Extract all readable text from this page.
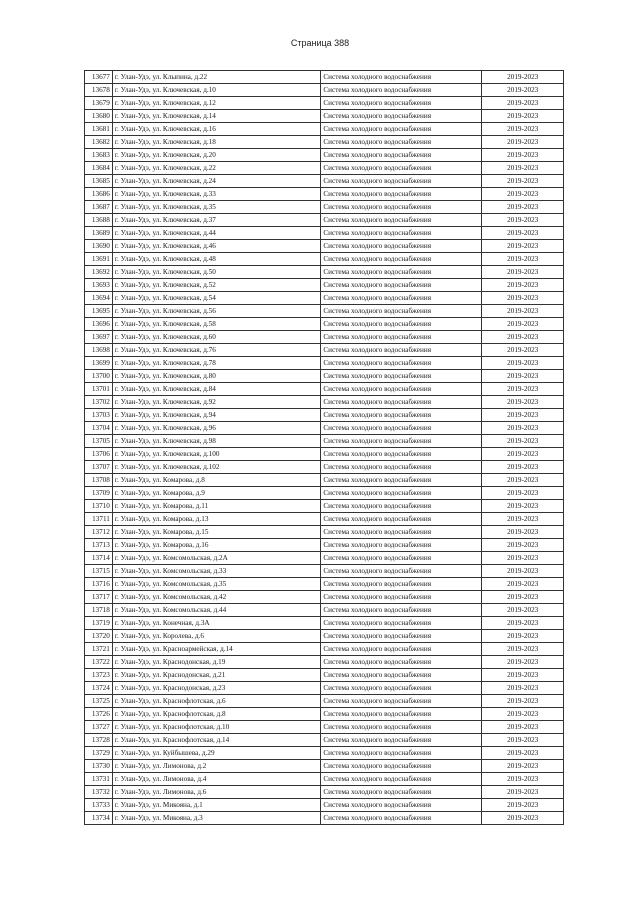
Страница 388
13677	г. Улан-Удэ, ул. Клыпина, д.22	Система холодного водоснабжения	2019-2023
13678	г. Улан-Удэ, ул. Ключевская, д.10	Система холодного водоснабжения	2019-2023
13679	г. Улан-Удэ, ул. Ключевская, д.12	Система холодного водоснабжения	2019-2023
13680	г. Улан-Удэ, ул. Ключевская, д.14	Система холодного водоснабжения	2019-2023
13681	г. Улан-Удэ, ул. Ключевская, д.16	Система холодного водоснабжения	2019-2023
13682	г. Улан-Удэ, ул. Ключевская, д.18	Система холодного водоснабжения	2019-2023
13683	г. Улан-Удэ, ул. Ключевская, д.20	Система холодного водоснабжения	2019-2023
13684	г. Улан-Удэ, ул. Ключевская, д.22	Система холодного водоснабжения	2019-2023
13685	г. Улан-Удэ, ул. Ключевская, д.24	Система холодного водоснабжения	2019-2023
13686	г. Улан-Удэ, ул. Ключевская, д.33	Система холодного водоснабжения	2019-2023
13687	г. Улан-Удэ, ул. Ключевская, д.35	Система холодного водоснабжения	2019-2023
13688	г. Улан-Удэ, ул. Ключевская, д.37	Система холодного водоснабжения	2019-2023
13689	г. Улан-Удэ, ул. Ключевская, д.44	Система холодного водоснабжения	2019-2023
13690	г. Улан-Удэ, ул. Ключевская, д.46	Система холодного водоснабжения	2019-2023
13691	г. Улан-Удэ, ул. Ключевская, д.48	Система холодного водоснабжения	2019-2023
13692	г. Улан-Удэ, ул. Ключевская, д.50	Система холодного водоснабжения	2019-2023
13693	г. Улан-Удэ, ул. Ключевская, д.52	Система холодного водоснабжения	2019-2023
13694	г. Улан-Удэ, ул. Ключевская, д.54	Система холодного водоснабжения	2019-2023
13695	г. Улан-Удэ, ул. Ключевская, д.56	Система холодного водоснабжения	2019-2023
13696	г. Улан-Удэ, ул. Ключевская, д.58	Система холодного водоснабжения	2019-2023
13697	г. Улан-Удэ, ул. Ключевская, д.60	Система холодного водоснабжения	2019-2023
13698	г. Улан-Удэ, ул. Ключевская, д.76	Система холодного водоснабжения	2019-2023
13699	г. Улан-Удэ, ул. Ключевская, д.78	Система холодного водоснабжения	2019-2023
13700	г. Улан-Удэ, ул. Ключевская, д.80	Система холодного водоснабжения	2019-2023
13701	г. Улан-Удэ, ул. Ключевская, д.84	Система холодного водоснабжения	2019-2023
13702	г. Улан-Удэ, ул. Ключевская, д.92	Система холодного водоснабжения	2019-2023
13703	г. Улан-Удэ, ул. Ключевская, д.94	Система холодного водоснабжения	2019-2023
13704	г. Улан-Удэ, ул. Ключевская, д.96	Система холодного водоснабжения	2019-2023
13705	г. Улан-Удэ, ул. Ключевская, д.98	Система холодного водоснабжения	2019-2023
13706	г. Улан-Удэ, ул. Ключевская, д.100	Система холодного водоснабжения	2019-2023
13707	г. Улан-Удэ, ул. Ключевская, д.102	Система холодного водоснабжения	2019-2023
13708	г. Улан-Удэ, ул. Комарова, д.8	Система холодного водоснабжения	2019-2023
13709	г. Улан-Удэ, ул. Комарова, д.9	Система холодного водоснабжения	2019-2023
13710	г. Улан-Удэ, ул. Комарова, д.11	Система холодного водоснабжения	2019-2023
13711	г. Улан-Удэ, ул. Комарова, д.13	Система холодного водоснабжения	2019-2023
13712	г. Улан-Удэ, ул. Комарова, д.15	Система холодного водоснабжения	2019-2023
13713	г. Улан-Удэ, ул. Комарова, д.16	Система холодного водоснабжения	2019-2023
13714	г. Улан-Удэ, ул. Комсомольская, д.2А	Система холодного водоснабжения	2019-2023
13715	г. Улан-Удэ, ул. Комсомольская, д.33	Система холодного водоснабжения	2019-2023
13716	г. Улан-Удэ, ул. Комсомольская, д.35	Система холодного водоснабжения	2019-2023
13717	г. Улан-Удэ, ул. Комсомольская, д.42	Система холодного водоснабжения	2019-2023
13718	г. Улан-Удэ, ул. Комсомольская, д.44	Система холодного водоснабжения	2019-2023
13719	г. Улан-Удэ, ул. Конечная, д.3А	Система холодного водоснабжения	2019-2023
13720	г. Улан-Удэ, ул. Королева, д.6	Система холодного водоснабжения	2019-2023
13721	г. Улан-Удэ, ул. Красноармейская, д.14	Система холодного водоснабжения	2019-2023
13722	г. Улан-Удэ, ул. Краснодонская, д.19	Система холодного водоснабжения	2019-2023
13723	г. Улан-Удэ, ул. Краснодонская, д.21	Система холодного водоснабжения	2019-2023
13724	г. Улан-Удэ, ул. Краснодонская, д.23	Система холодного водоснабжения	2019-2023
13725	г. Улан-Удэ, ул. Краснофлотская, д.6	Система холодного водоснабжения	2019-2023
13726	г. Улан-Удэ, ул. Краснофлотская, д.8	Система холодного водоснабжения	2019-2023
13727	г. Улан-Удэ, ул. Краснофлотская, д.10	Система холодного водоснабжения	2019-2023
13728	г. Улан-Удэ, ул. Краснофлотская, д.14	Система холодного водоснабжения	2019-2023
13729	г. Улан-Удэ, ул. Куйбышева, д.29	Система холодного водоснабжения	2019-2023
13730	г. Улан-Удэ, ул. Лимонова, д.2	Система холодного водоснабжения	2019-2023
13731	г. Улан-Удэ, ул. Лимонова, д.4	Система холодного водоснабжения	2019-2023
13732	г. Улан-Удэ, ул. Лимонова, д.6	Система холодного водоснабжения	2019-2023
13733	г. Улан-Удэ, ул. Микояна, д.1	Система холодного водоснабжения	2019-2023
13734	г. Улан-Удэ, ул. Микояна, д.3	Система холодного водоснабжения	2019-2023
